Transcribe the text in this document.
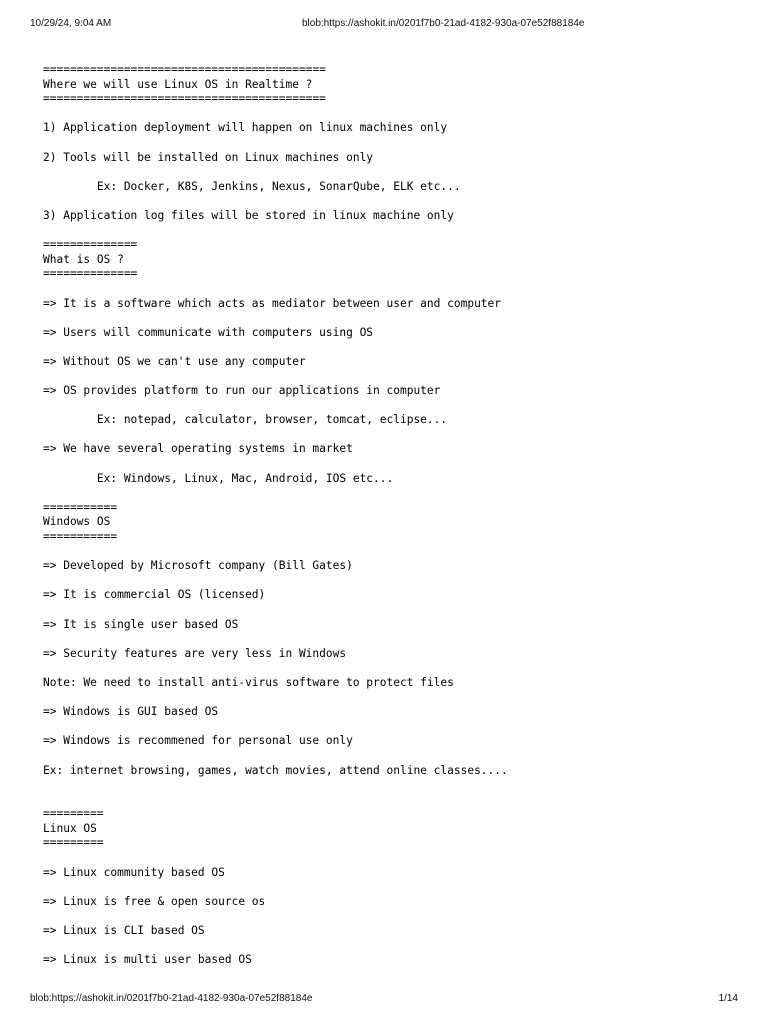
10/29/24, 9:04 AM	blob:https://ashokit.in/0201f7b0-21ad-4182-930a-07e52f88184e
==========================================
Where we will use Linux OS in Realtime ?
==========================================
1) Application deployment will happen on linux machines only
2) Tools will be installed on Linux machines only
Ex: Docker, K8S, Jenkins, Nexus, SonarQube, ELK etc...
3) Application log files will be stored in linux machine only
==============
What is OS ?
==============
=> It is a software which acts as mediator between user and computer
=> Users will communicate with computers using OS
=> Without OS we can't use any computer
=> OS provides platform to run our applications in computer
Ex: notepad, calculator, browser, tomcat, eclipse...
=> We have several operating systems in market
Ex: Windows, Linux, Mac, Android, IOS etc...
===========
Windows OS
===========
=> Developed by Microsoft company (Bill Gates)
=> It is commercial OS (licensed)
=> It is single user based OS
=> Security features are very less in Windows
Note: We need to install anti-virus software to protect files
=> Windows is GUI based OS
=> Windows is recommened for personal use only
Ex: internet browsing, games, watch movies, attend online classes....
=========
Linux OS
=========
=> Linux community based OS
=> Linux is free & open source os
=> Linux is CLI based OS
=> Linux is multi user based OS
blob:https://ashokit.in/0201f7b0-21ad-4182-930a-07e52f88184e	1/14
